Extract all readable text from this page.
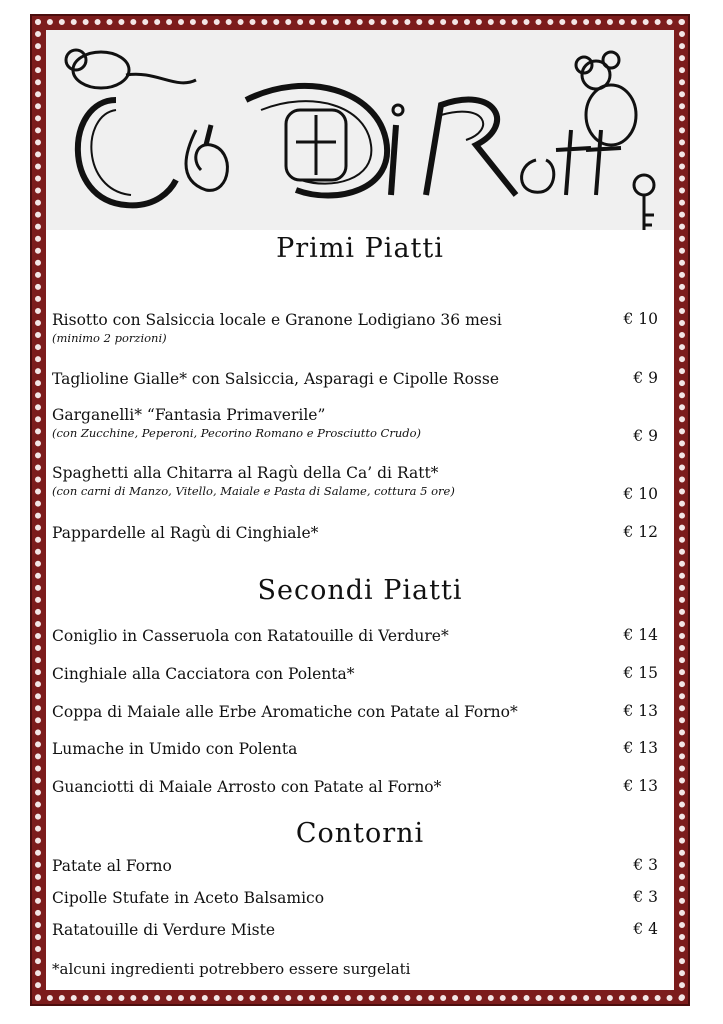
Primi Piatti
Risotto con Salsiccia locale e Granone Lodigiano 36 mesi	€ 10
(minimo 2 porzioni)
Taglioline Gialle* con Salsiccia, Asparagi e Cipolle Rosse	€ 9
Garganelli* “Fantasia Primaverile”
(con Zucchine, Peperoni, Pecorino Romano e Prosciutto Crudo)	€ 9
Spaghetti alla Chitarra al Ragù della Ca’ di Ratt*
(con carni di Manzo, Vitello, Maiale e Pasta di Salame, cottura 5 ore)	€ 10
Pappardelle al Ragù di Cinghiale*	€ 12
Secondi Piatti
Coniglio in Casseruola con Ratatouille di Verdure*	€ 14
Cinghiale alla Cacciatora con Polenta*	€ 15
Coppa di Maiale alle Erbe Aromatiche con Patate al Forno*	€ 13
Lumache in Umido con Polenta	€ 13
Guanciotti di Maiale Arrosto con Patate al Forno*	€ 13
Contorni
Patate al Forno	€ 3
Cipolle Stufate in Aceto Balsamico	€ 3
Ratatouille di Verdure Miste	€ 4
*alcuni ingredienti potrebbero essere surgelati
